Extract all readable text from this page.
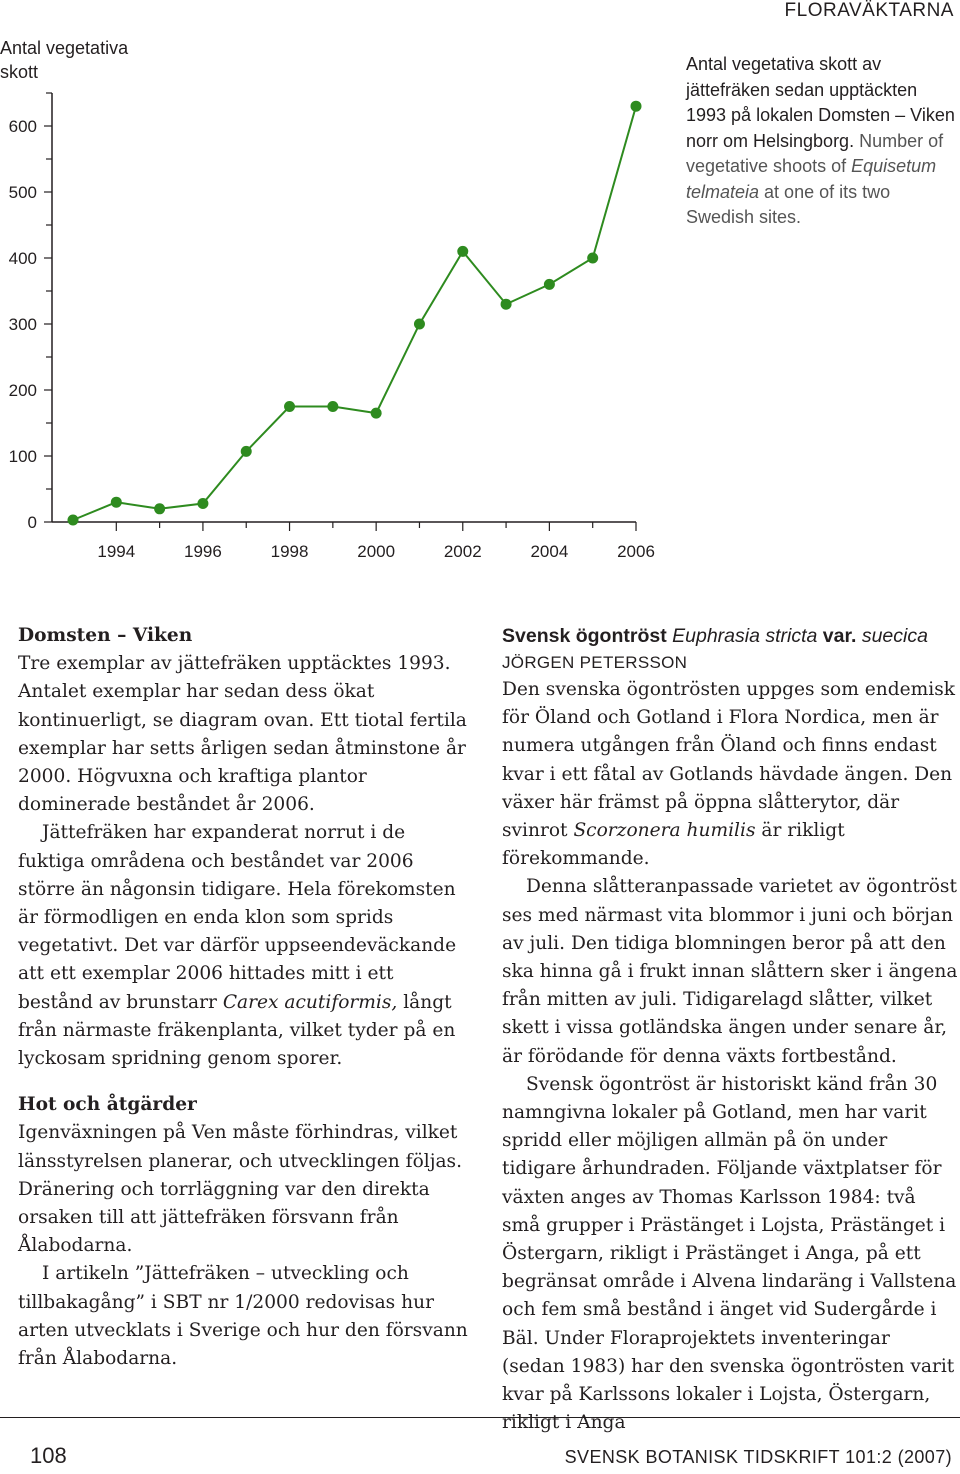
FLORAVÄKTARNA
Antal vegetativa skott	Antal vegetativa skott av jättefräken sedan upptäckten 1993 på lokalen Domsten – Viken norr om Helsingborg. Number of vegetative shoots of Equisetum telmateia at one of its two Swedish sites.
0
100
200
300
400
500
600
1994	1996	1998	2000	2002	2004	2006
Domsten – Viken

Tre exemplar av jättefräken upptäcktes 1993. Antalet exemplar har sedan dess ökat kontinuerligt, se diagram ovan. Ett tiotal fertila exemplar har setts årligen sedan åtminstone år 2000. Högvuxna och kraftiga plantor dominerade beståndet år 2006.

Jättefräken har expanderat norrut i de fuktiga områdena och beståndet var 2006 större än någonsin tidigare. Hela förekomsten är förmodligen en enda klon som sprids vegetativt. Det var därför uppseendeväckande att ett exemplar 2006 hittades mitt i ett bestånd av brunstarr Carex acutiformis, långt från närmaste fräkenplanta, vilket tyder på en lyckosam spridning genom sporer.

Hot och åtgärder

Igenväxningen på Ven måste förhindras, vilket länsstyrelsen planerar, och utvecklingen följas. Dränering och torrläggning var den direkta orsaken till att jättefräken försvann från Ålabodarna.

I artikeln ”Jättefräken – utveckling och tillbakagång” i SBT nr 1/2000 redovisas hur arten utvecklats i Sverige och hur den försvann från Ålabodarna.

Svensk ögontröst Euphrasia stricta var. suecica
JÖRGEN PETERSSON

Den svenska ögontrösten uppges som endemisk för Öland och Gotland i Flora Nordica, men är numera utgången från Öland och finns endast kvar i ett fåtal av Gotlands hävdade ängen. Den växer här främst på öppna slåtterytor, där svinrot Scorzonera humilis är rikligt förekommande.

Denna slåtteranpassade varietet av ögontröst ses med närmast vita blommor i juni och början av juli. Den tidiga blomningen beror på att den ska hinna gå i frukt innan slåttern sker i ängena från mitten av juli. Tidigarelagd slåtter, vilket skett i vissa gotländska ängen under senare år, är förödande för denna växts fortbestånd.

Svensk ögontröst är historiskt känd från 30 namngivna lokaler på Gotland, men har varit spridd eller möjligen allmän på ön under tidigare århundraden. Följande växtplatser för växten anges av Thomas Karlsson 1984: två små grupper i Prästänget i Lojsta, Prästänget i Östergarn, rikligt i Prästänget i Anga, på ett begränsat område i Alvena lindaräng i Vallstena och fem små bestånd i änget vid Sudergårde i Bäl. Under Floraprojektets inventeringar (sedan 1983) har den svenska ögontrösten varit kvar på Karlssons lokaler i Lojsta, Östergarn, rikligt i Anga

108	SVENSK BOTANISK TIDSKRIFT 101:2 (2007)
